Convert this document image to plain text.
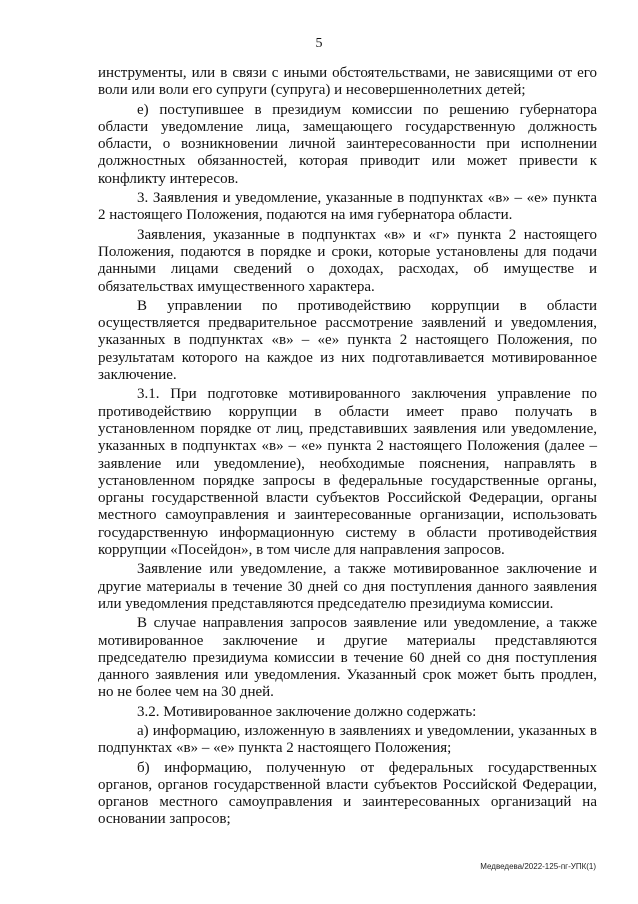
5

инструменты, или в связи с иными обстоятельствами, не зависящими от его воли или воли его супруги (супруга) и несовершеннолетних детей;

е) поступившее в президиум комиссии по решению губернатора области уведомление лица, замещающего государственную должность области, о возникновении личной заинтересованности при исполнении должностных обязанностей, которая приводит или может привести к конфликту интересов.

3. Заявления и уведомление, указанные в подпунктах «в» – «е» пункта 2 настоящего Положения, подаются на имя губернатора области.

Заявления, указанные в подпунктах «в» и «г» пункта 2 настоящего Положения, подаются в порядке и сроки, которые установлены для подачи данными лицами сведений о доходах, расходах, об имуществе и обязательствах имущественного характера.

В управлении по противодействию коррупции в области осуществляется предварительное рассмотрение заявлений и уведомления, указанных в подпунктах «в» – «е» пункта 2 настоящего Положения, по результатам которого на каждое из них подготавливается мотивированное заключение.

3.1. При подготовке мотивированного заключения управление по противодействию коррупции в области имеет право получать в установленном порядке от лиц, представивших заявления или уведомление, указанных в подпунктах «в» – «е» пункта 2 настоящего Положения (далее – заявление или уведомление), необходимые пояснения, направлять в установленном порядке запросы в федеральные государственные органы, органы государственной власти субъектов Российской Федерации, органы местного самоуправления и заинтересованные организации, использовать государственную информационную систему в области противодействия коррупции «Посейдон», в том числе для направления запросов.

Заявление или уведомление, а также мотивированное заключение и другие материалы в течение 30 дней со дня поступления данного заявления или уведомления представляются председателю президиума комиссии.

В случае направления запросов заявление или уведомление, а также мотивированное заключение и другие материалы представляются председателю президиума комиссии в течение 60 дней со дня поступления данного заявления или уведомления. Указанный срок может быть продлен, но не более чем на 30 дней.

3.2. Мотивированное заключение должно содержать:

а) информацию, изложенную в заявлениях и уведомлении, указанных в подпунктах «в» – «е» пункта 2 настоящего Положения;

б) информацию, полученную от федеральных государственных органов, органов государственной власти субъектов Российской Федерации, органов местного самоуправления и заинтересованных организаций на основании запросов;

Медведева/2022-125-пг-УПК(1)
